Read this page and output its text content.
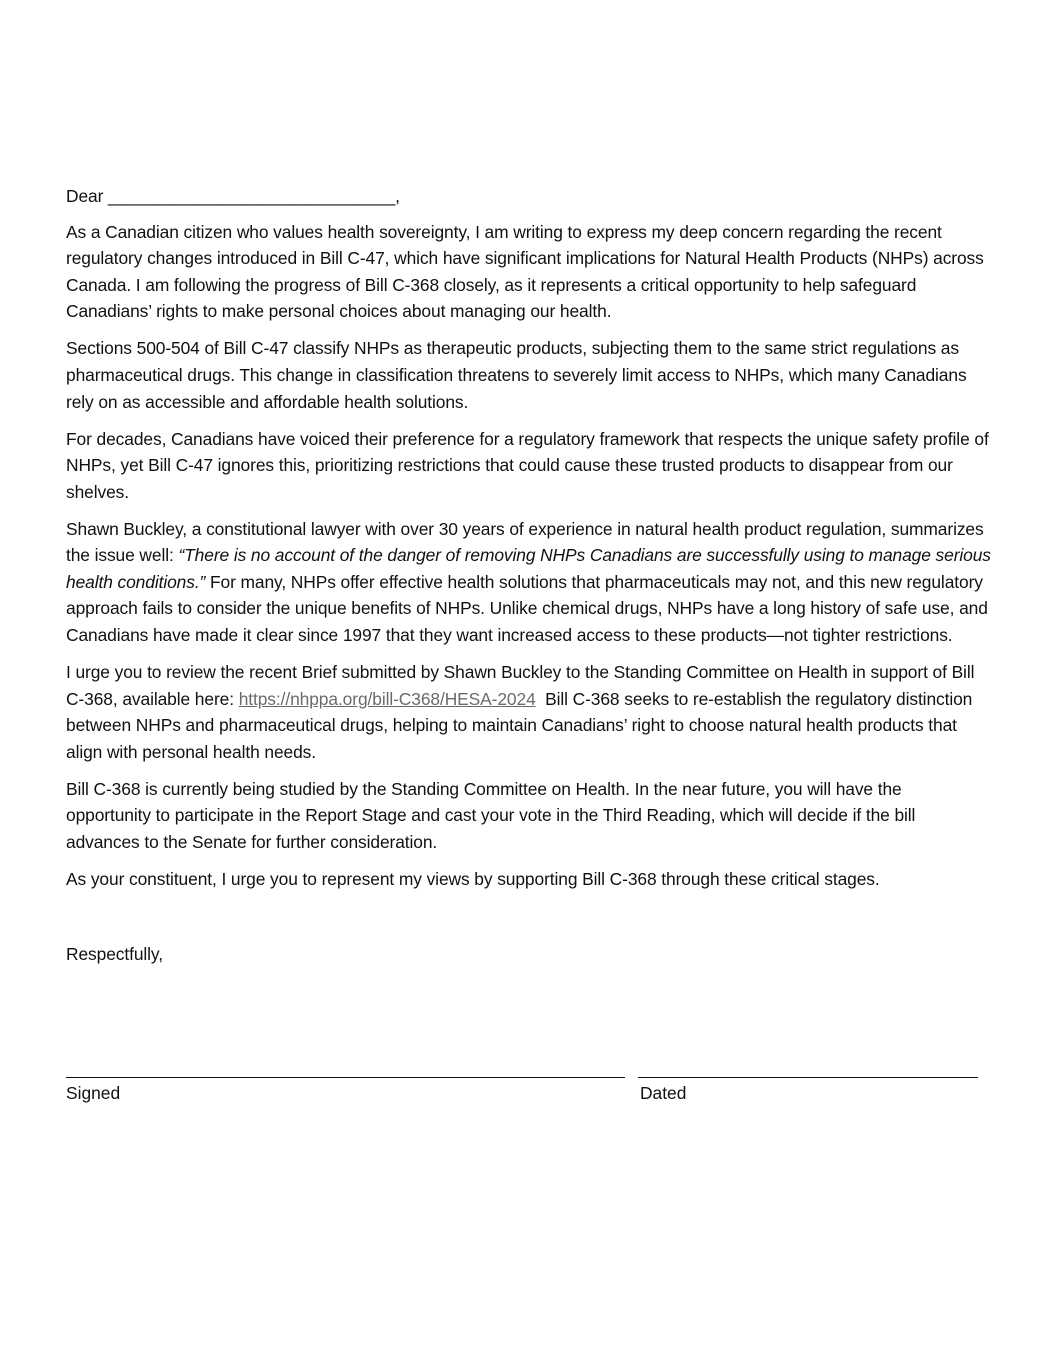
Dear ______________________________,

As a Canadian citizen who values health sovereignty, I am writing to express my deep concern regarding the recent regulatory changes introduced in Bill C-47, which have significant implications for Natural Health Products (NHPs) across Canada. I am following the progress of Bill C-368 closely, as it represents a critical opportunity to help safeguard Canadians’ rights to make personal choices about managing our health.

Sections 500-504 of Bill C-47 classify NHPs as therapeutic products, subjecting them to the same strict regulations as pharmaceutical drugs. This change in classification threatens to severely limit access to NHPs, which many Canadians rely on as accessible and affordable health solutions.

For decades, Canadians have voiced their preference for a regulatory framework that respects the unique safety profile of NHPs, yet Bill C-47 ignores this, prioritizing restrictions that could cause these trusted products to disappear from our shelves.

Shawn Buckley, a constitutional lawyer with over 30 years of experience in natural health product regulation, summarizes the issue well: “There is no account of the danger of removing NHPs Canadians are successfully using to manage serious health conditions.” For many, NHPs offer effective health solutions that pharmaceuticals may not, and this new regulatory approach fails to consider the unique benefits of NHPs. Unlike chemical drugs, NHPs have a long history of safe use, and Canadians have made it clear since 1997 that they want increased access to these products—not tighter restrictions.

I urge you to review the recent Brief submitted by Shawn Buckley to the Standing Committee on Health in support of Bill C-368, available here: https://nhppa.org/bill-C368/HESA-2024  Bill C-368 seeks to re-establish the regulatory distinction between NHPs and pharmaceutical drugs, helping to maintain Canadians’ right to choose natural health products that align with personal health needs.

Bill C-368 is currently being studied by the Standing Committee on Health. In the near future, you will have the opportunity to participate in the Report Stage and cast your vote in the Third Reading, which will decide if the bill advances to the Senate for further consideration.

As your constituent, I urge you to represent my views by supporting Bill C-368 through these critical stages.

Respectfully,

Signed	Dated
